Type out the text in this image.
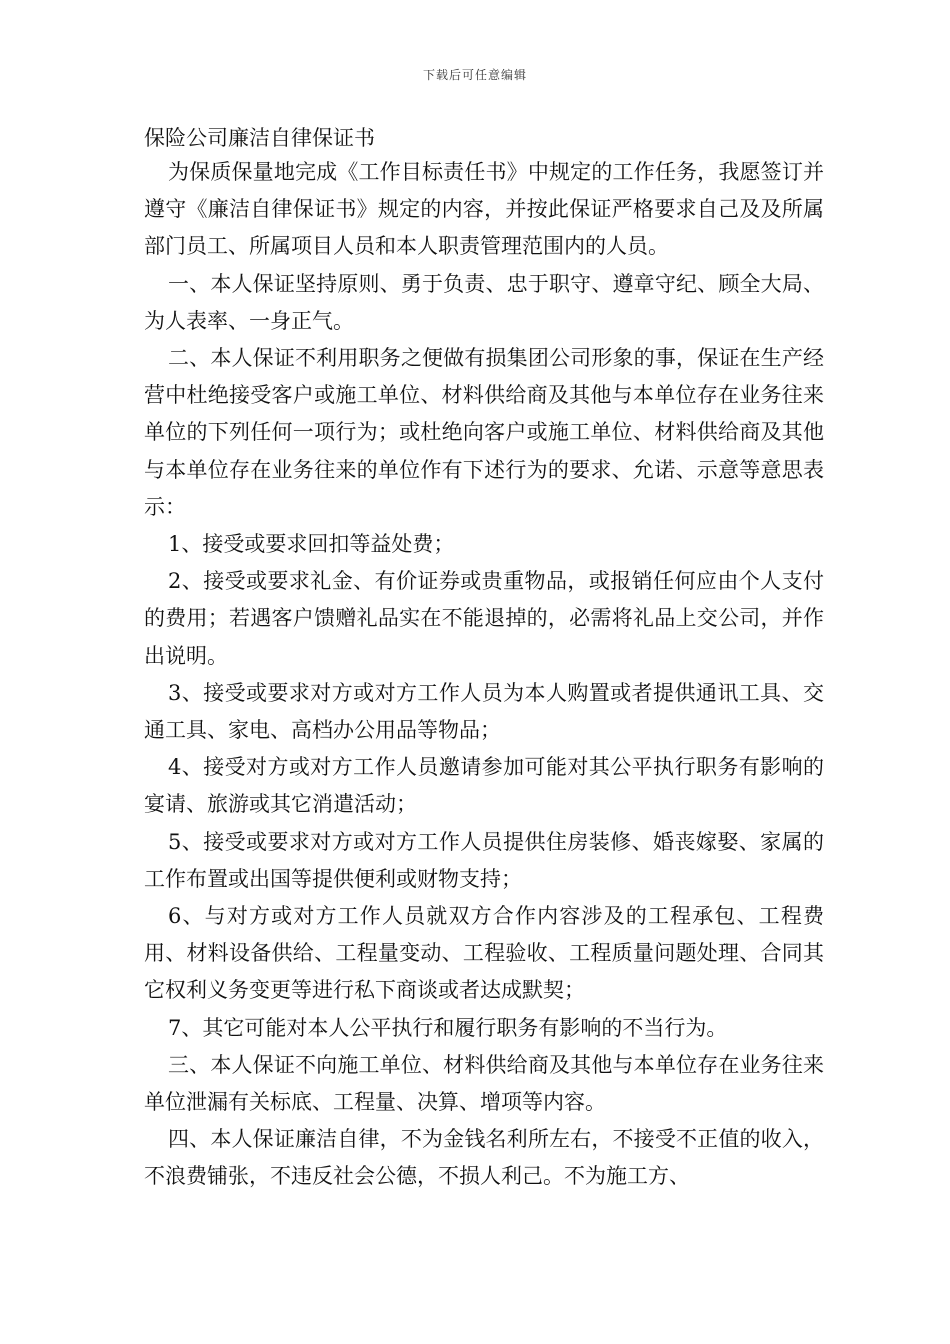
下载后可任意编辑
保险公司廉洁自律保证书

为保质保量地完成《工作目标责任书》中规定的工作任务，我愿签订并遵守《廉洁自律保证书》规定的内容，并按此保证严格要求自己及及所属部门员工、所属项目人员和本人职责管理范围内的人员。

一、本人保证坚持原则、勇于负责、忠于职守、遵章守纪、顾全大局、为人表率、一身正气。

二、本人保证不利用职务之便做有损集团公司形象的事，保证在生产经营中杜绝接受客户或施工单位、材料供给商及其他与本单位存在业务往来单位的下列任何一项行为；或杜绝向客户或施工单位、材料供给商及其他与本单位存在业务往来的单位作有下述行为的要求、允诺、示意等意思表示：

1、接受或要求回扣等益处费；

2、接受或要求礼金、有价证券或贵重物品，或报销任何应由个人支付的费用；若遇客户馈赠礼品实在不能退掉的，必需将礼品上交公司，并作出说明。

3、接受或要求对方或对方工作人员为本人购置或者提供通讯工具、交通工具、家电、高档办公用品等物品；

4、接受对方或对方工作人员邀请参加可能对其公平执行职务有影响的宴请、旅游或其它消遣活动；

5、接受或要求对方或对方工作人员提供住房装修、婚丧嫁娶、家属的工作布置或出国等提供便利或财物支持；

6、与对方或对方工作人员就双方合作内容涉及的工程承包、工程费用、材料设备供给、工程量变动、工程验收、工程质量问题处理、合同其它权利义务变更等进行私下商谈或者达成默契；

7、其它可能对本人公平执行和履行职务有影响的不当行为。

三、本人保证不向施工单位、材料供给商及其他与本单位存在业务往来单位泄漏有关标底、工程量、决算、增项等内容。

四、本人保证廉洁自律，不为金钱名利所左右，不接受不正值的收入，不浪费铺张，不违反社会公德，不损人利己。不为施工方、
